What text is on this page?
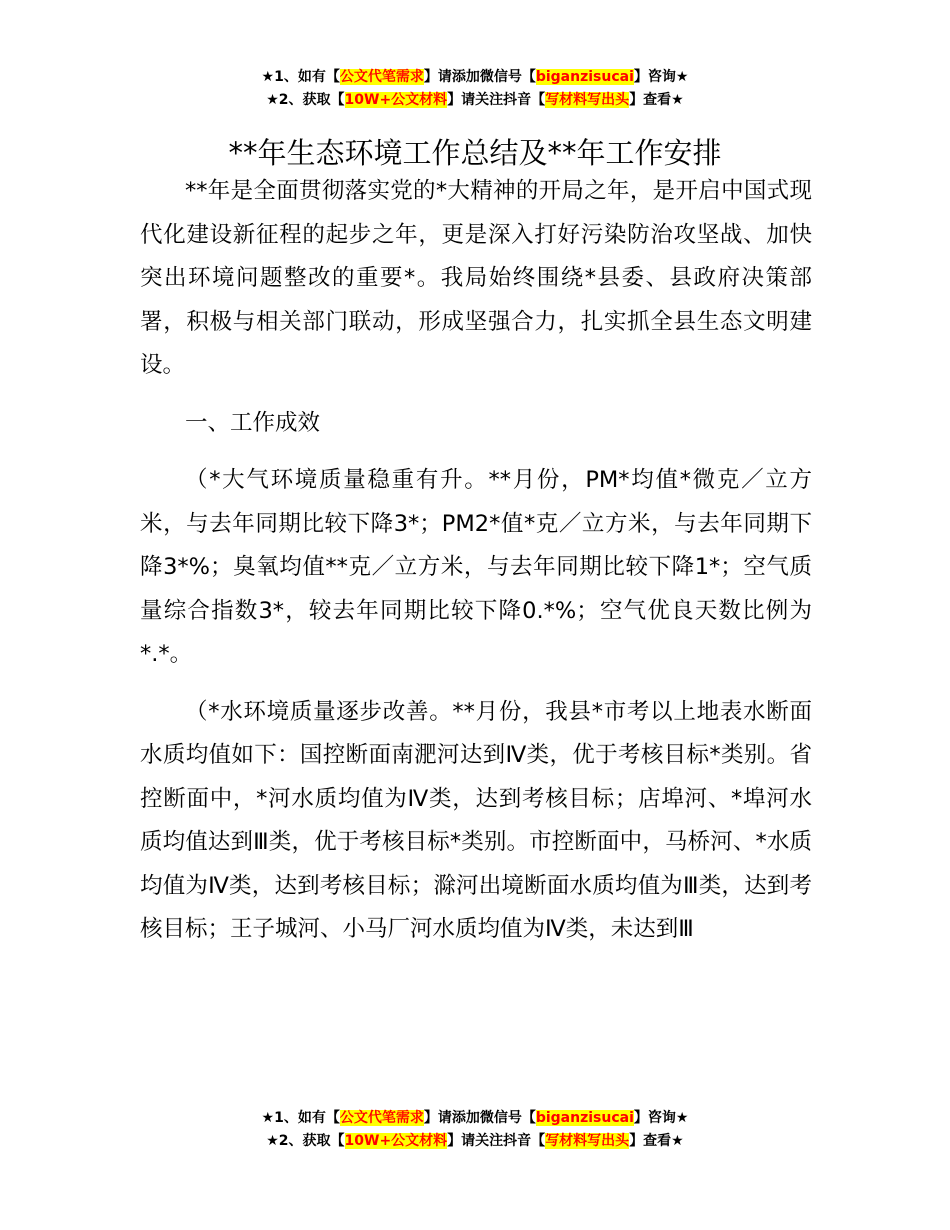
★1、如有【公文代笔需求】请添加微信号【biganzisucai】咨询★
★2、获取【10W+公文材料】请关注抖音【写材料写出头】查看★
**年生态环境工作总结及**年工作安排

**年是全面贯彻落实党的*大精神的开局之年，是开启中国式现代化建设新征程的起步之年，更是深入打好污染防治攻坚战、加快突出环境问题整改的重要*。我局始终围绕*县委、县政府决策部署，积极与相关部门联动，形成坚强合力，扎实抓全县生态文明建设。

一、工作成效

（*大气环境质量稳重有升。**月份，PM*均值*微克／立方米，与去年同期比较下降3*；PM2*值*克／立方米，与去年同期下降3*%；臭氧均值**克／立方米，与去年同期比较下降1*；空气质量综合指数3*，较去年同期比较下降0.*%；空气优良天数比例为*.*。

（*水环境质量逐步改善。**月份，我县*市考以上地表水断面水质均值如下：国控断面南淝河达到Ⅳ类，优于考核目标*类别。省控断面中，*河水质均值为Ⅳ类，达到考核目标；店埠河、*埠河水质均值达到Ⅲ类，优于考核目标*类别。市控断面中，马桥河、*水质均值为Ⅳ类，达到考核目标；滁河出境断面水质均值为Ⅲ类，达到考核目标；王子城河、小马厂河水质均值为Ⅳ类，未达到Ⅲ

★1、如有【公文代笔需求】请添加微信号【biganzisucai】咨询★
★2、获取【10W+公文材料】请关注抖音【写材料写出头】查看★
